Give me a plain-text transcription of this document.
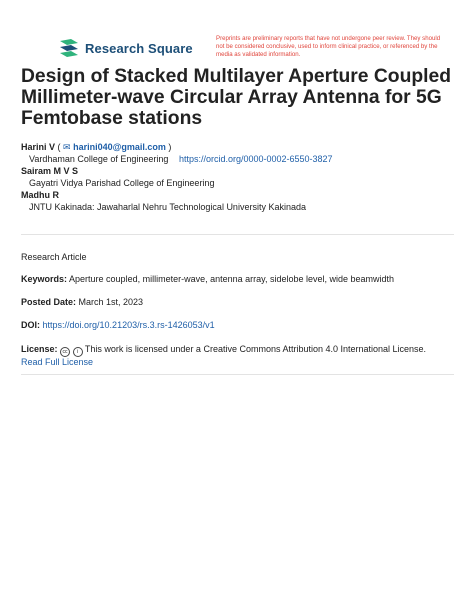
Research Square
Preprints are preliminary reports that have not undergone peer review. They should not be considered conclusive, used to inform clinical practice, or referenced by the media as validated information.
Design of Stacked Multilayer Aperture Coupled Millimeter-wave Circular Array Antenna for 5G Femtobase stations
Harini V ( ✉ harini040@gmail.com )
Vardhaman College of Engineering https://orcid.org/0000-0002-6550-3827
Sairam M V S
Gayatri Vidya Parishad College of Engineering
Madhu R
JNTU Kakinada: Jawaharlal Nehru Technological University Kakinada
Research Article
Keywords: Aperture coupled, millimeter-wave, antenna array, sidelobe level, wide beamwidth
Posted Date: March 1st, 2023
DOI: https://doi.org/10.21203/rs.3.rs-1426053/v1
License: cc i This work is licensed under a Creative Commons Attribution 4.0 International License.
Read Full License
